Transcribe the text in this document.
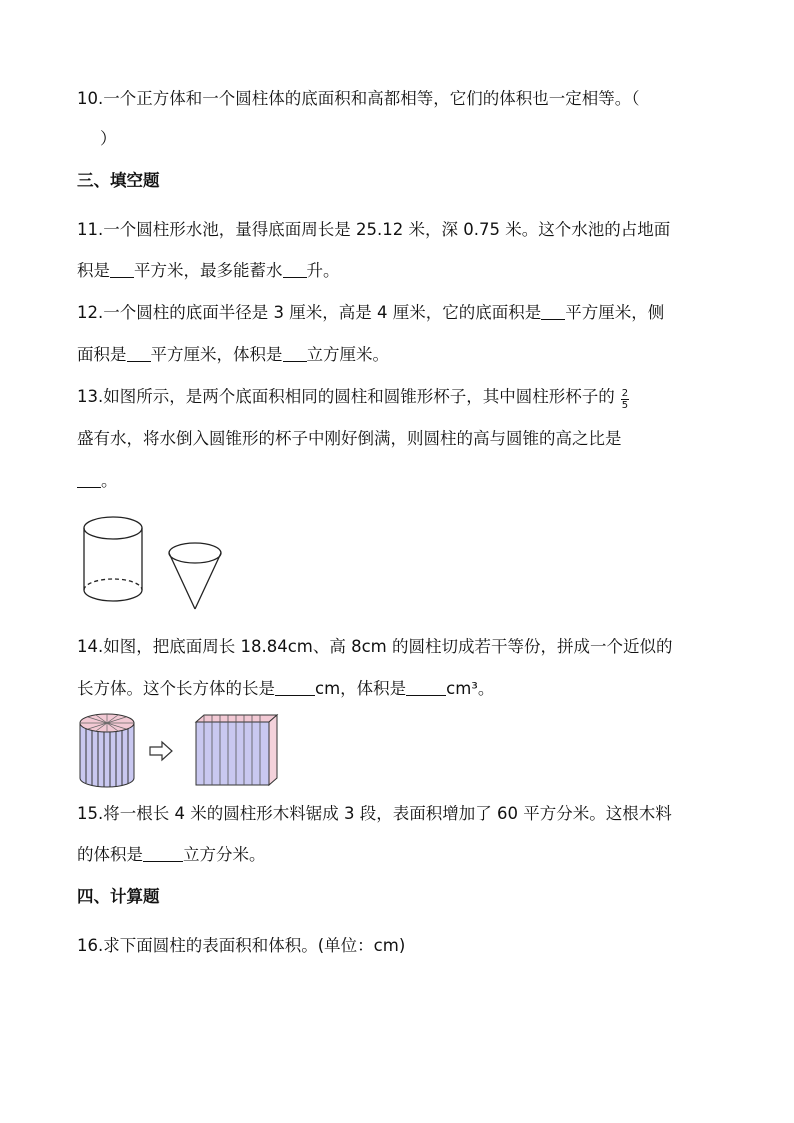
10.一个正方体和一个圆柱体的底面积和高都相等，它们的体积也一定相等。（
）
三、填空题
11.一个圆柱形水池，量得底面周长是 25.12 米，深 0.75 米。这个水池的占地面
积是 平方米，最多能蓄水 升。
12.一个圆柱的底面半径是 3 厘米，高是 4 厘米，它的底面积是 平方厘米，侧
面积是 平方厘米，体积是 立方厘米。
13.如图所示，是两个底面积相同的圆柱和圆锥形杯子，其中圆柱形杯子的 $\frac{2}{5}$
盛有水，将水倒入圆锥形的杯子中刚好倒满，则圆柱的高与圆锥的高之比是
。
14.如图，把底面周长 18.84cm、高 8cm 的圆柱切成若干等份，拼成一个近似的
长方体。这个长方体的长是 cm，体积是 cm³。
15.将一根长 4 米的圆柱形木料锯成 3 段，表面积增加了 60 平方分米。这根木料
的体积是 立方分米。
四、计算题
16.求下面圆柱的表面积和体积。(单位：cm)
